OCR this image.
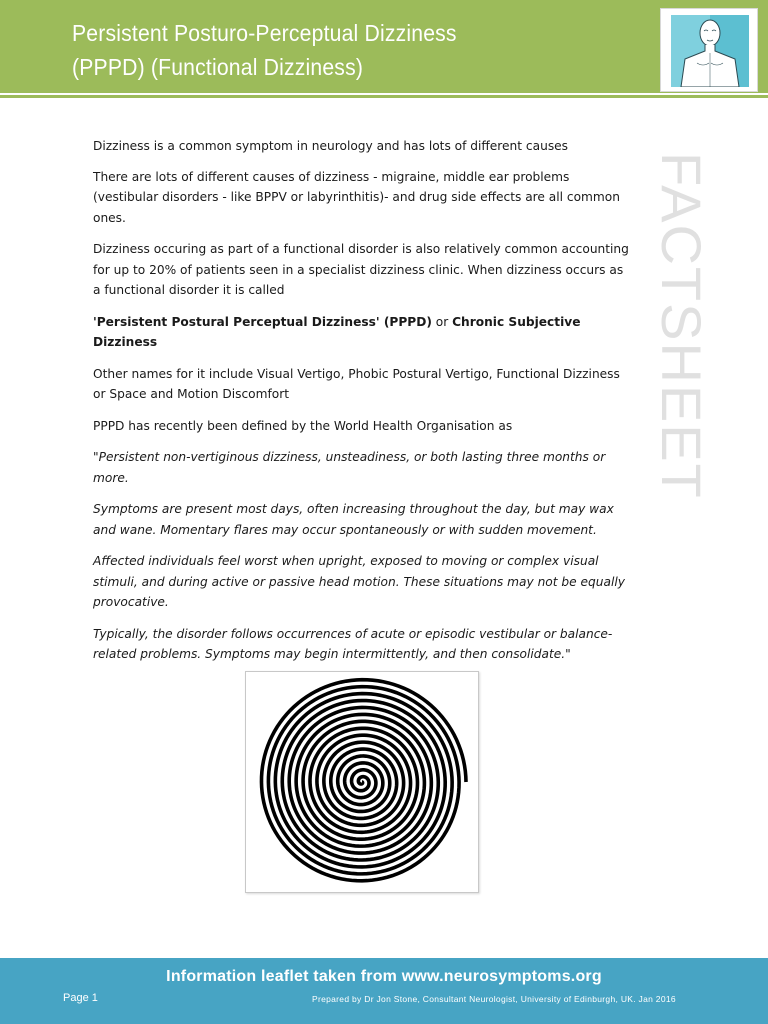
Persistent Posturo-Perceptual Dizziness
(PPPD) (Functional Dizziness)
FACTSHEET

Dizziness is a common symptom in neurology and has lots of different causes

There are lots of different causes of dizziness - migraine, middle ear problems (vestibular disorders - like BPPV or labyrinthitis)- and drug side effects are all common ones.

Dizziness occuring as part of a functional disorder is also relatively common accounting for up to 20% of patients seen in a specialist dizziness clinic. When dizziness occurs as a functional disorder it is called

'Persistent Postural Perceptual Dizziness' (PPPD) or Chronic Subjective Dizziness

Other names for it include Visual Vertigo, Phobic Postural Vertigo, Functional Dizziness or Space and Motion Discomfort

PPPD has recently been defined by the World Health Organisation as

"Persistent non-vertiginous dizziness, unsteadiness, or both lasting three months or more.

Symptoms are present most days, often increasing throughout the day, but may wax and wane. Momentary flares may occur spontaneously or with sudden movement.

Affected individuals feel worst when upright, exposed to moving or complex visual stimuli, and during active or passive head motion. These situations may not be equally provocative.

Typically, the disorder follows occurrences of acute or episodic vestibular or balance-related problems. Symptoms may begin intermittently, and then consolidate."

Information leaflet taken from www.neurosymptoms.org
Page 1	Prepared by Dr Jon Stone, Consultant Neurologist, University of Edinburgh, UK. Jan 2016
